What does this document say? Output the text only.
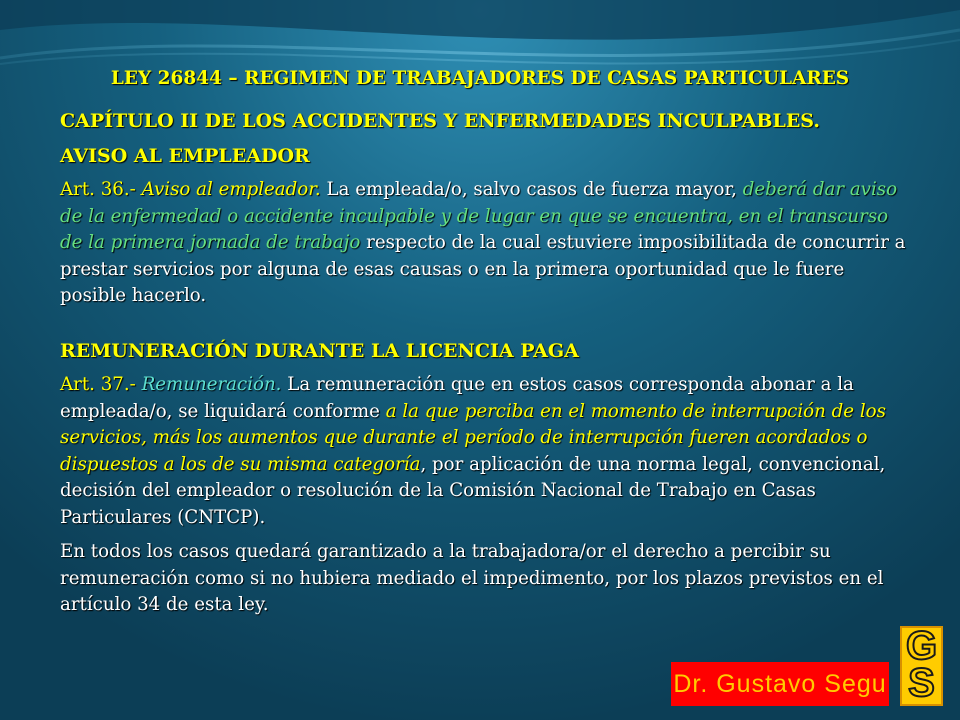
LEY 26844 – REGIMEN DE TRABAJADORES DE CASAS PARTICULARES

CAPÍTULO II DE LOS ACCIDENTES Y ENFERMEDADES INCULPABLES.

AVISO AL EMPLEADOR

Art. 36.- Aviso al empleador. La empleada/o, salvo casos de fuerza mayor, deberá dar aviso de la enfermedad o accidente inculpable y de lugar en que se encuentra, en el transcurso de la primera jornada de trabajo respecto de la cual estuviere imposibilitada de concurrir a prestar servicios por alguna de esas causas o en la primera oportunidad que le fuere posible hacerlo.

REMUNERACIÓN DURANTE LA LICENCIA PAGA

Art. 37.- Remuneración. La remuneración que en estos casos corresponda abonar a la empleada/o, se liquidará conforme a la que perciba en el momento de interrupción de los servicios, más los aumentos que durante el período de interrupción fueren acordados o dispuestos a los de su misma categoría, por aplicación de una norma legal, convencional, decisión del empleador o resolución de la Comisión Nacional de Trabajo en Casas Particulares (CNTCP).

En todos los casos quedará garantizado a la trabajadora/or el derecho a percibir su remuneración como si no hubiera mediado el impedimento, por los plazos previstos en el artículo 34 de esta ley.

G
S
Dr. Gustavo Segu
